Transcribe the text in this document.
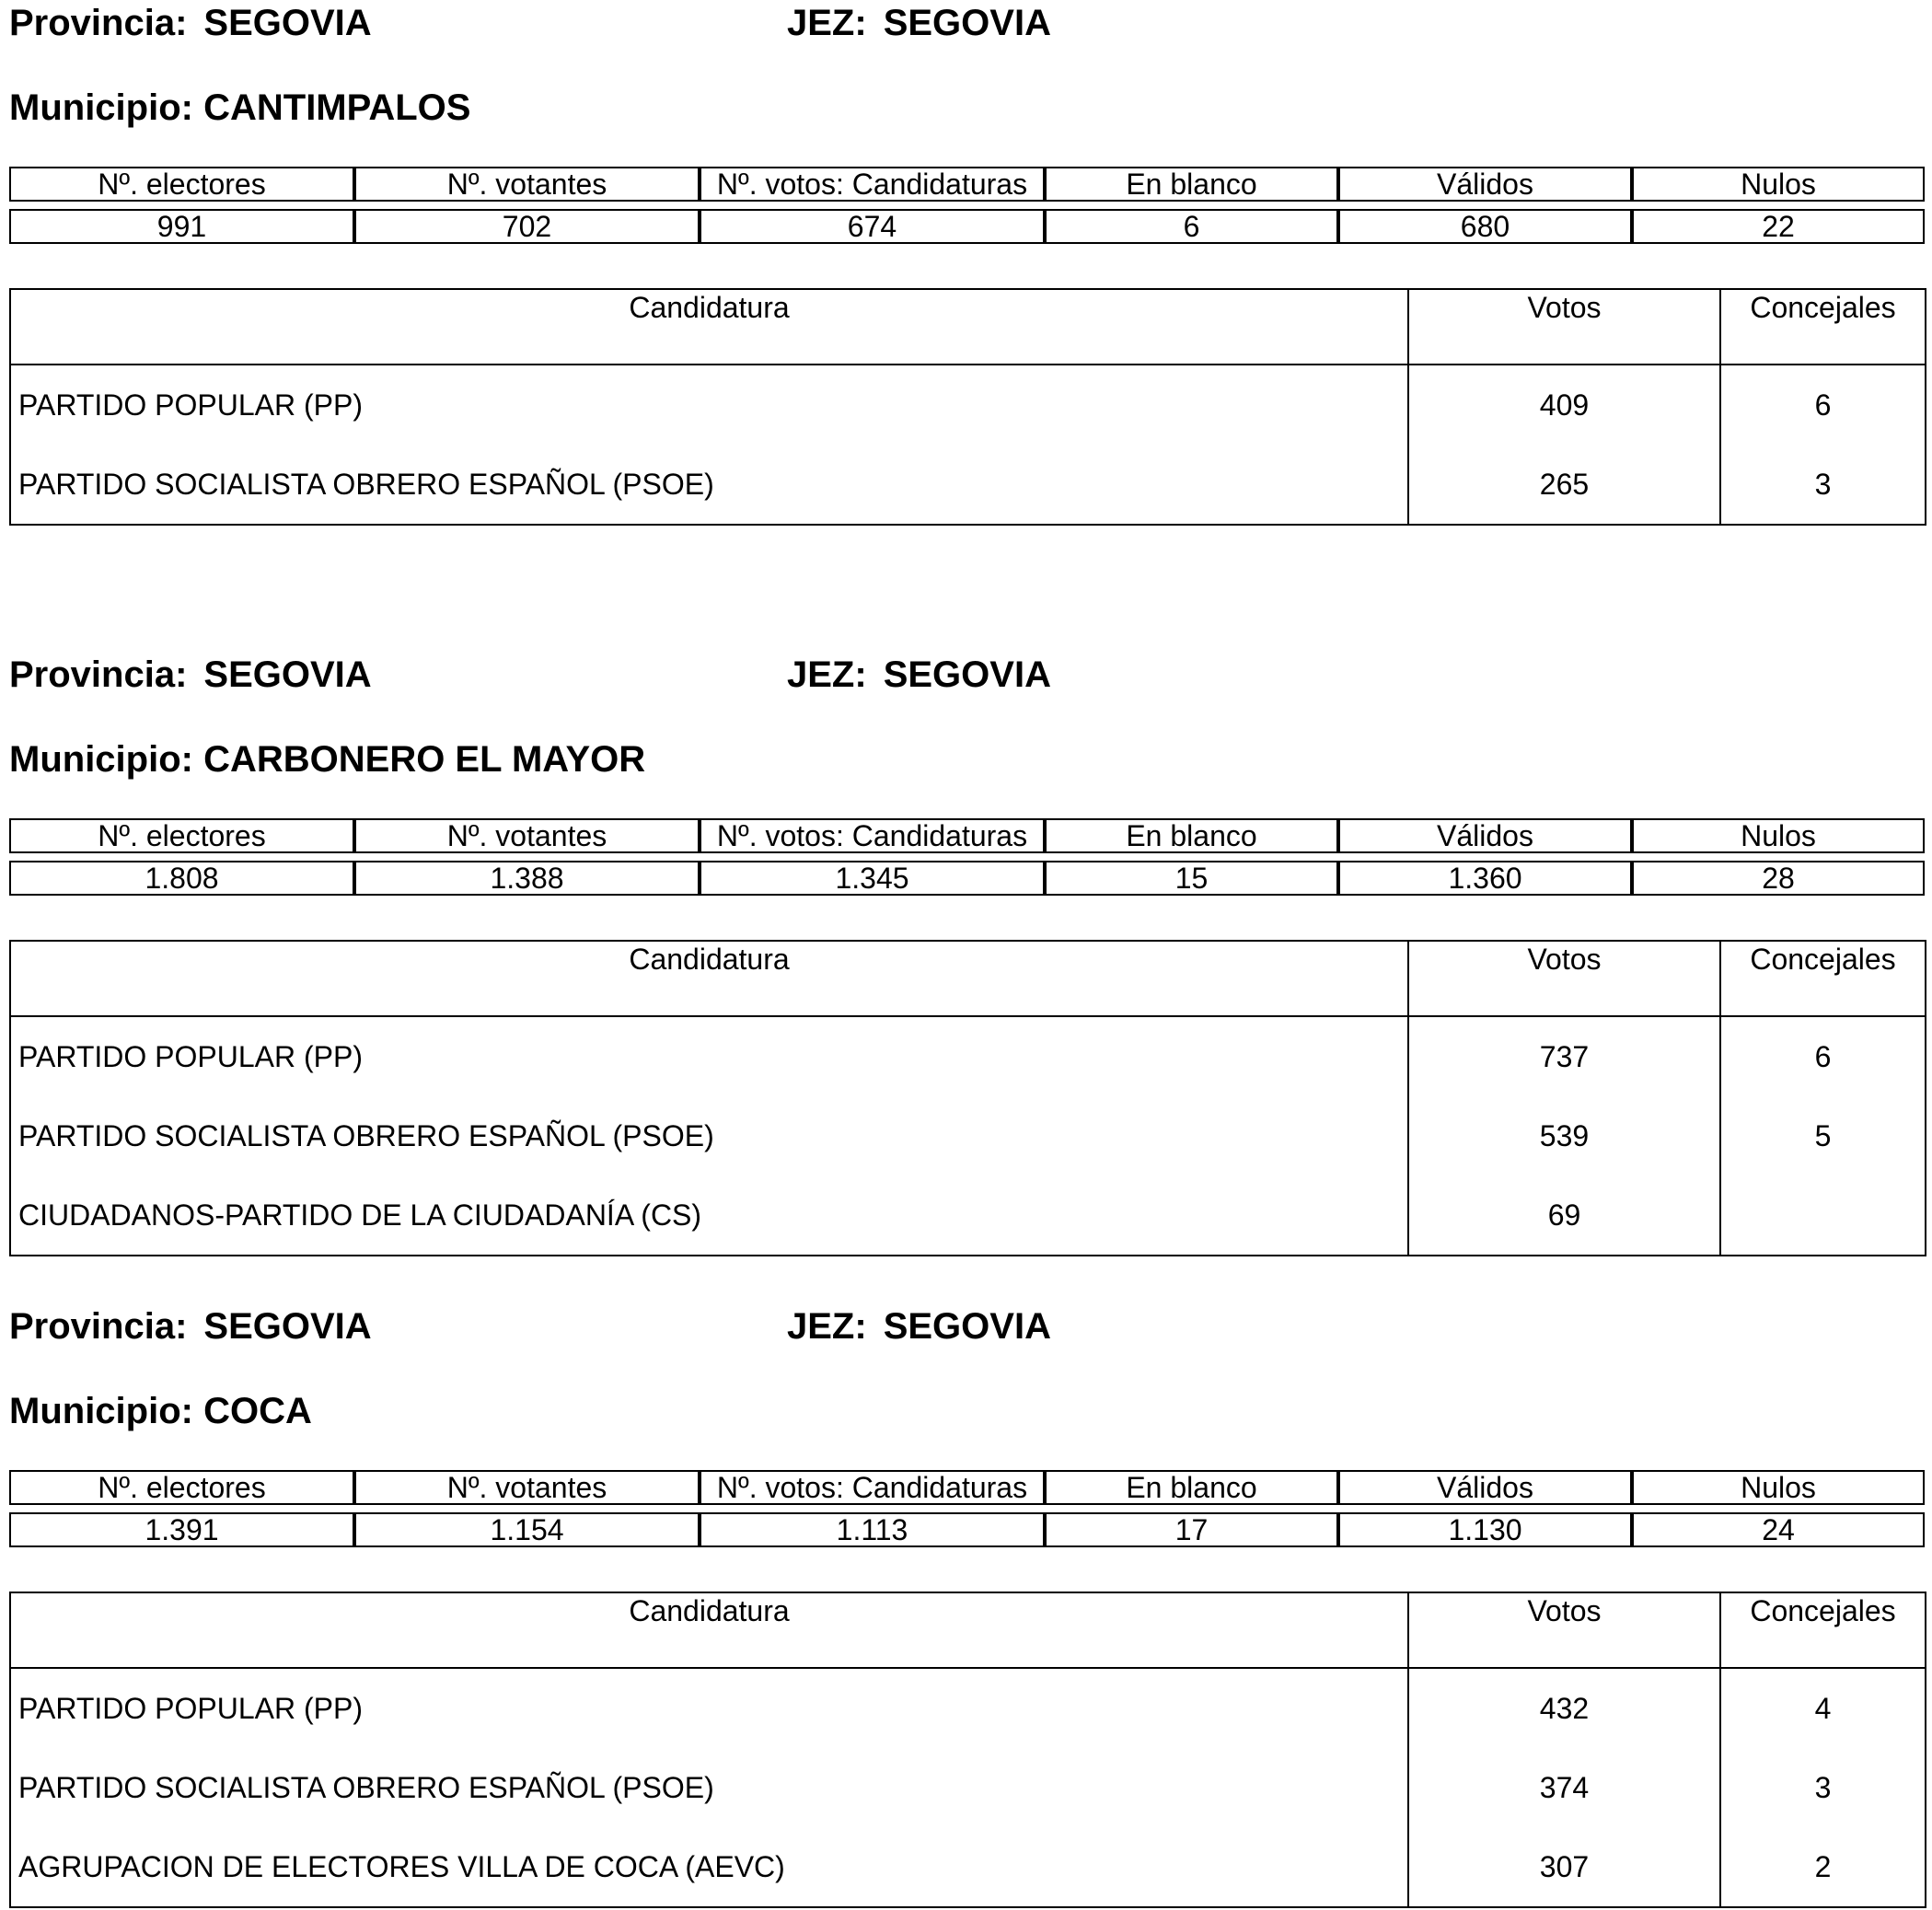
Provincia: SEGOVIA	JEZ: SEGOVIA
Municipio: CANTIMPALOS
Nº. electores	Nº. votantes	Nº. votos: Candidaturas	En blanco	Válidos	Nulos

991	702	674	6	680	22
Candidatura	Votos	Concejales
PARTIDO POPULAR (PP)	409	6
PARTIDO SOCIALISTA OBRERO ESPAÑOL (PSOE)	265	3
Provincia: SEGOVIA	JEZ: SEGOVIA
Municipio: CARBONERO EL MAYOR
Nº. electores	Nº. votantes	Nº. votos: Candidaturas	En blanco	Válidos	Nulos

1.808	1.388	1.345	15	1.360	28
Candidatura	Votos	Concejales
PARTIDO POPULAR (PP)	737	6
PARTIDO SOCIALISTA OBRERO ESPAÑOL (PSOE)	539	5
CIUDADANOS-PARTIDO DE LA CIUDADANÍA (CS)	69	
Provincia: SEGOVIA	JEZ: SEGOVIA
Municipio: COCA
Nº. electores	Nº. votantes	Nº. votos: Candidaturas	En blanco	Válidos	Nulos

1.391	1.154	1.113	17	1.130	24
Candidatura	Votos	Concejales
PARTIDO POPULAR (PP)	432	4
PARTIDO SOCIALISTA OBRERO ESPAÑOL (PSOE)	374	3
AGRUPACION DE ELECTORES VILLA DE COCA (AEVC)	307	2
